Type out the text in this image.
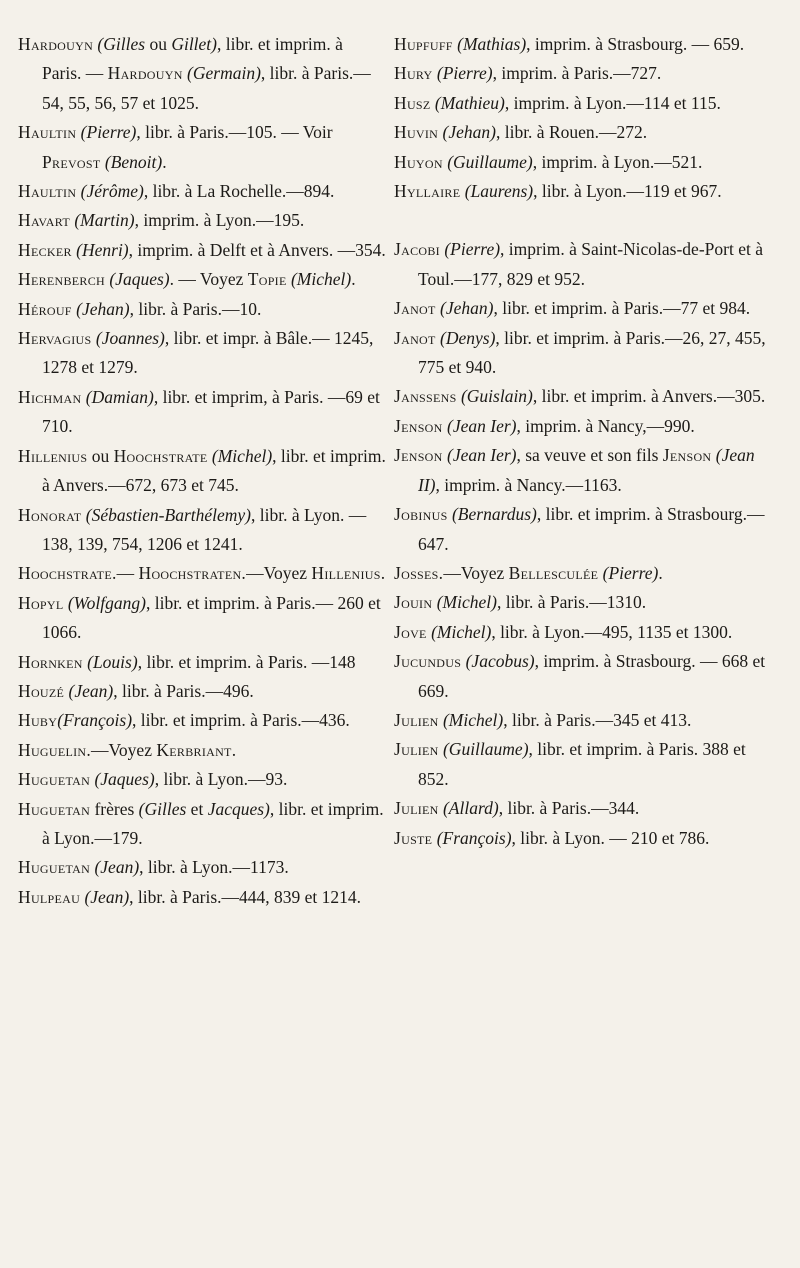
Hardouyn (Gilles ou Gillet), libr. et imprim. à Paris. — Hardouyn (Germain), libr. à Paris.—54, 55, 56, 57 et 1025.

Haultin (Pierre), libr. à Paris.—105. — Voir Prevost (Benoit).

Haultin (Jérôme), libr. à La Rochelle.—894.

Havart (Martin), imprim. à Lyon.—195.

Hecker (Henri), imprim. à Delft et à Anvers. —354.

Herenberch (Jaques). — Voyez Topie (Michel).

Hérouf (Jehan), libr. à Paris.—10.

Hervagius (Joannes), libr. et impr. à Bâle.— 1245, 1278 et 1279.

Hichman (Damian), libr. et imprim, à Paris. —69 et 710.

Hillenius ou Hoochstrate (Michel), libr. et imprim. à Anvers.—672, 673 et 745.

Honorat (Sébastien-Barthélemy), libr. à Lyon. —138, 139, 754, 1206 et 1241.

Hoochstrate.— Hoochstraten.—Voyez Hillenius.

Hopyl (Wolfgang), libr. et imprim. à Paris.— 260 et 1066.

Hornken (Louis), libr. et imprim. à Paris. —148

Houzé (Jean), libr. à Paris.—496.

Huby(François), libr. et imprim. à Paris.—436.

Huguelin.—Voyez Kerbriant.

Huguetan (Jaques), libr. à Lyon.—93.

Huguetan frères (Gilles et Jacques), libr. et imprim. à Lyon.—179.

Huguetan (Jean), libr. à Lyon.—1173.

Hulpeau (Jean), libr. à Paris.—444, 839 et 1214.

Hupfuff (Mathias), imprim. à Strasbourg. — 659.

Hury (Pierre), imprim. à Paris.—727.

Husz (Mathieu), imprim. à Lyon.—114 et 115.

Huvin (Jehan), libr. à Rouen.—272.

Huyon (Guillaume), imprim. à Lyon.—521.

Hyllaire (Laurens), libr. à Lyon.—119 et 967.

Jacobi (Pierre), imprim. à Saint-Nicolas-de-Port et à Toul.—177, 829 et 952.

Janot (Jehan), libr. et imprim. à Paris.—77 et 984.

Janot (Denys), libr. et imprim. à Paris.—26, 27, 455, 775 et 940.

Janssens (Guislain), libr. et imprim. à Anvers.—305.

Jenson (Jean Ier), imprim. à Nancy,—990.

Jenson (Jean Ier), sa veuve et son fils Jenson (Jean II), imprim. à Nancy.—1163.

Jobinus (Bernardus), libr. et imprim. à Strasbourg.—647.

Josses.—Voyez Bellesculée (Pierre).

Jouin (Michel), libr. à Paris.—1310.

Jove (Michel), libr. à Lyon.—495, 1135 et 1300.

Jucundus (Jacobus), imprim. à Strasbourg. — 668 et 669.

Julien (Michel), libr. à Paris.—345 et 413.

Julien (Guillaume), libr. et imprim. à Paris. 388 et 852.

Julien (Allard), libr. à Paris.—344.

Juste (François), libr. à Lyon. — 210 et 786.
